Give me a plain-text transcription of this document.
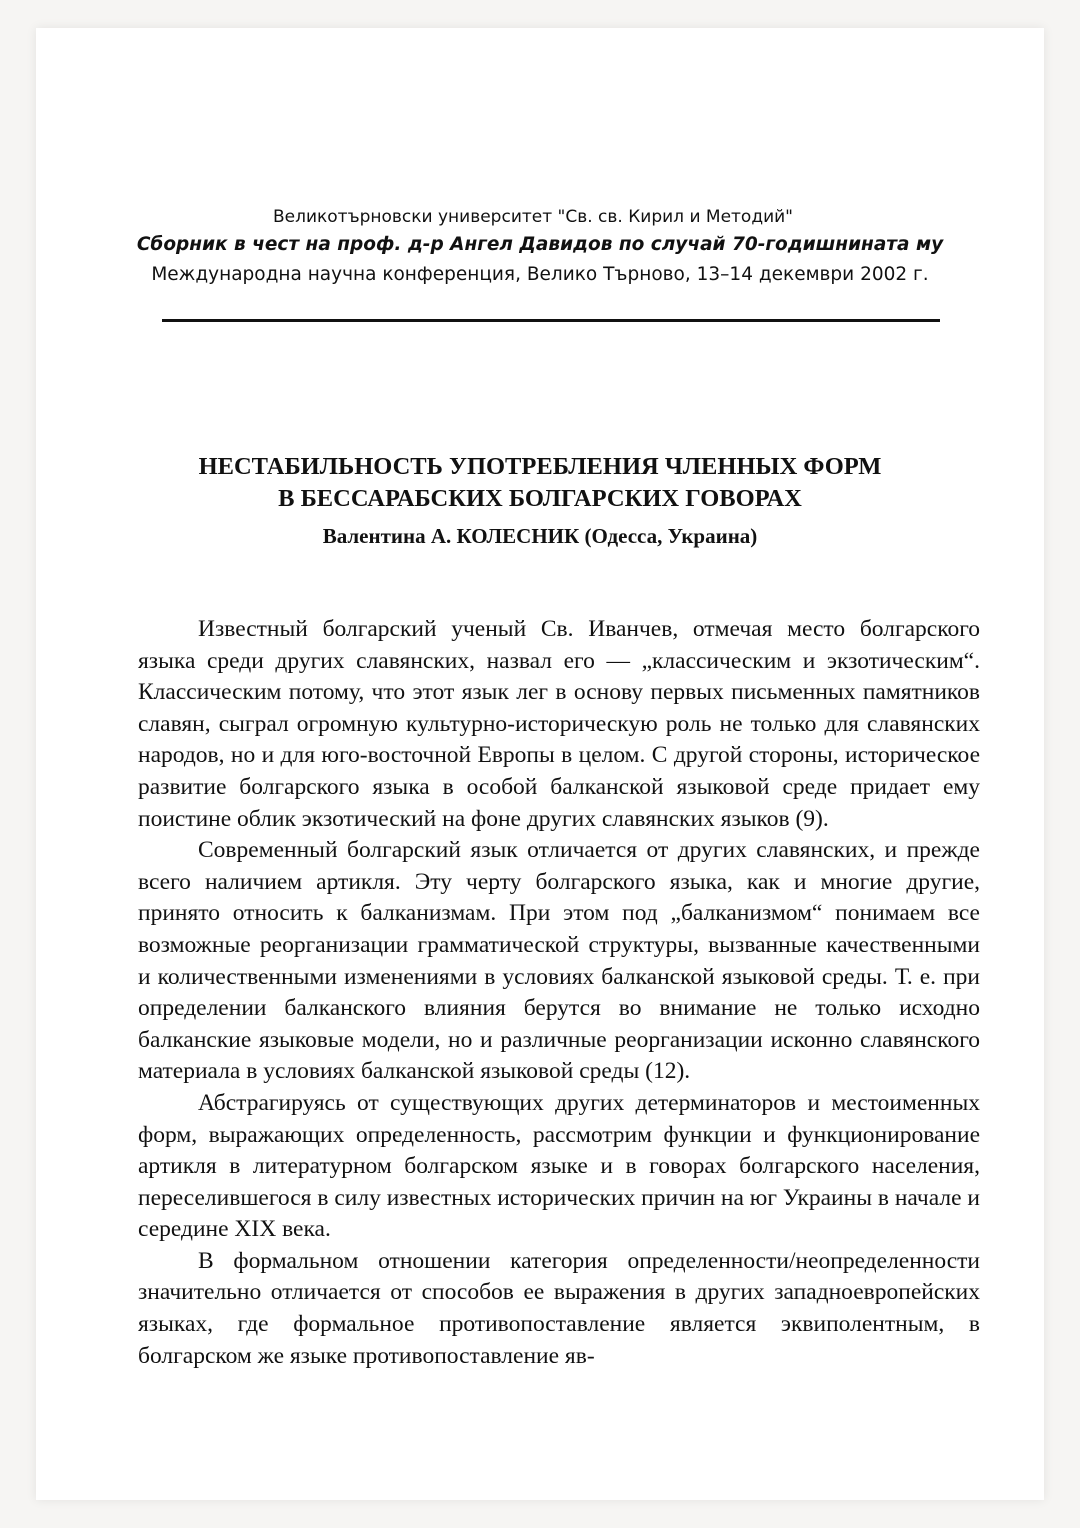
Великотърновски университет "Св. св. Кирил и Методий"
Сборник в чест на проф. д-р Ангел Давидов по случай 70-годишнината му
Международна научна конференция, Велико Търново, 13–14 декември 2002 г.
НЕСТАБИЛЬНОСТЬ УПОТРЕБЛЕНИЯ ЧЛЕННЫХ ФОРМ
В БЕССАРАБСКИХ БОЛГАРСКИХ ГОВОРАХ
Валентина А. КОЛЕСНИК (Одесса, Украина)

Известный болгарский ученый Св. Иванчев, отмечая место болгарского языка среди других славянских, назвал его — „классическим и экзотическим“. Классическим потому, что этот язык лег в основу первых письменных памятников славян, сыграл огромную культурно-историческую роль не только для славянских народов, но и для юго-восточной Европы в целом. С другой стороны, историческое развитие болгарского языка в особой балканской языковой среде придает ему поистине облик экзотический на фоне других славянских языков (9).

Современный болгарский язык отличается от других славянских, и прежде всего наличием артикля. Эту черту болгарского языка, как и многие другие, принято относить к балканизмам. При этом под „балканизмом“ понимаем все возможные реорганизации грамматической структуры, вызванные качественными и количественными изменениями в условиях балканской языковой среды. Т. е. при определении балканского влияния берутся во внимание не только исходно балканские языковые модели, но и различные реорганизации исконно славянского материала в условиях балканской языковой среды (12).

Абстрагируясь от существующих других детерминаторов и местоименных форм, выражающих определенность, рассмотрим функции и функционирование артикля в литературном болгарском языке и в говорах болгарского населения, переселившегося в силу известных исторических причин на юг Украины в начале и середине XIX века.

В формальном отношении категория определенности/неопределенности значительно отличается от способов ее выражения в других западноевропейских языках, где формальное противопоставление является эквиполентным, в болгарском же языке противопоставление яв-
